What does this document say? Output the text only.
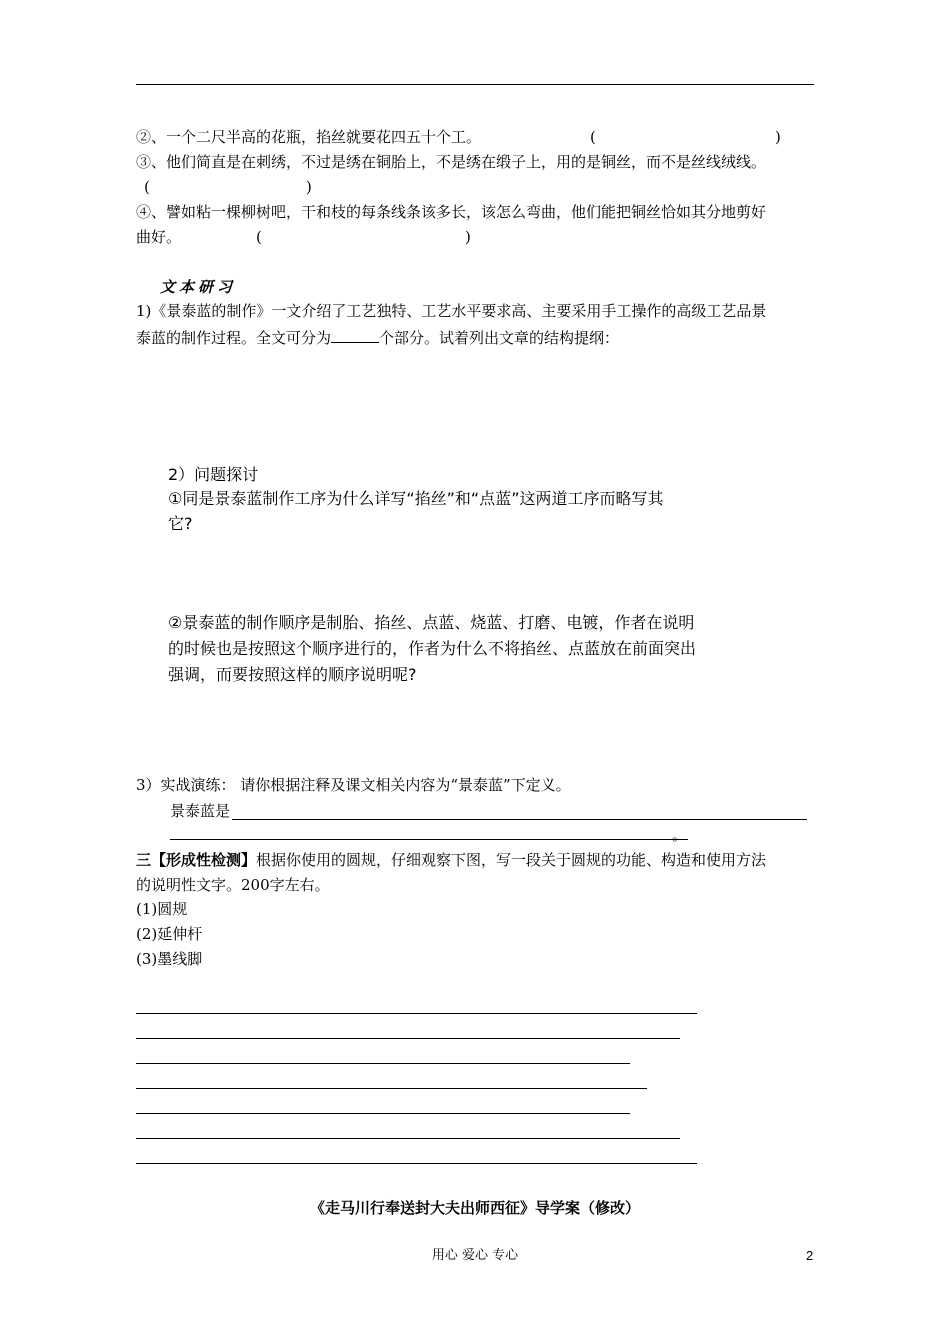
②、一个二尺半高的花瓶，掐丝就要花四五十个工。	(	)
③、他们简直是在刺绣，不过是绣在铜胎上，不是绣在缎子上，用的是铜丝，而不是丝线绒线。
(	)
④、譬如粘一棵柳树吧，干和枝的每条线条该多长，该怎么弯曲，他们能把铜丝恰如其分地剪好
曲好。	(	)
文本研习
1)《景泰蓝的制作》一文介绍了工艺独特、工艺水平要求高、主要采用手工操作的高级工艺品景
泰蓝的制作过程。全文可分为	个部分。试着列出文章的结构提纲：
2）问题探讨
①同是景泰蓝制作工序为什么详写“掐丝”和“点蓝”这两道工序而略写其
它?
②景泰蓝的制作顺序是制胎、掐丝、点蓝、烧蓝、打磨、电镀，作者在说明
的时候也是按照这个顺序进行的，作者为什么不将掐丝、点蓝放在前面突出
强调，而要按照这样的顺序说明呢?
3）实战演练： 请你根据注释及课文相关内容为“景泰蓝”下定义。
景泰蓝是
。
三【形成性检测】根据你使用的圆规，仔细观察下图，写一段关于圆规的功能、构造和使用方法
的说明性文字。200字左右。
(1)圆规
(2)延伸杆
(3)墨线脚
《走马川行奉送封大夫出师西征》导学案（修改）
用心 爱心 专心	2
